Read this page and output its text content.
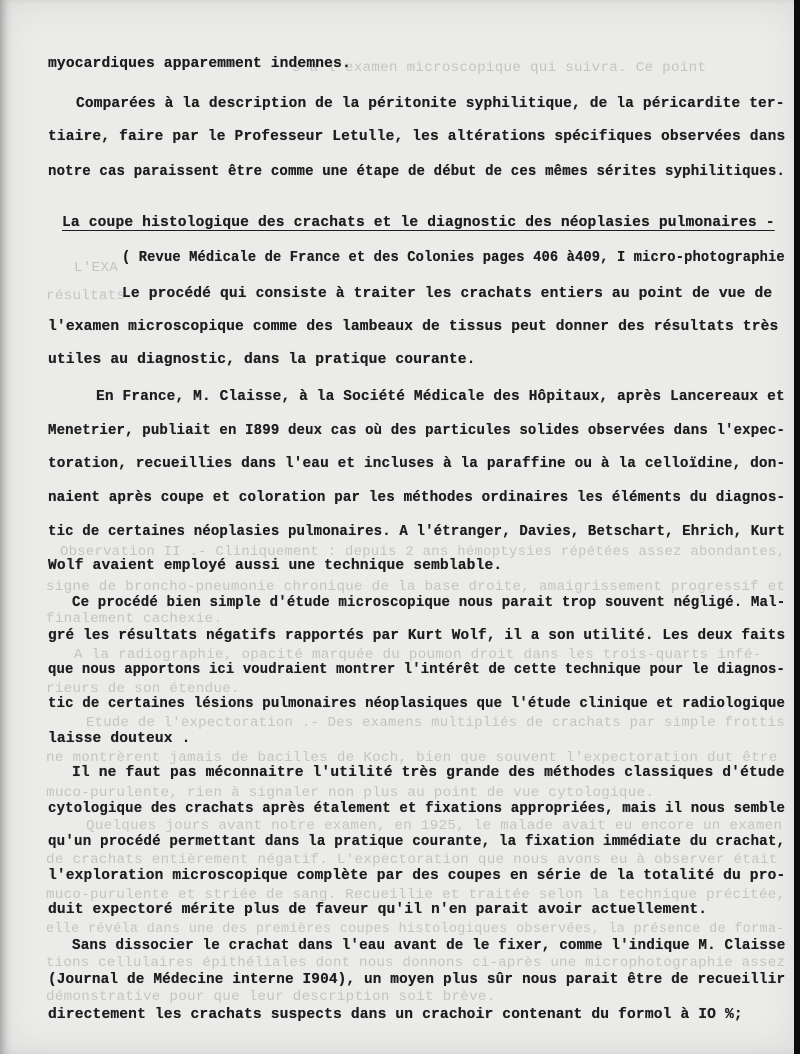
s à l'examen microscopique qui suivra. Ce point
L'EXA
résultats
Observation II .- Cliniquement : depuis 2 ans hémoptysies répétées assez abondantes,
signe de broncho-pneumonie chronique de la base droite, amaigrissement progressif et
finalement cachexie.
A la radiographie, opacité marquée du poumon droit dans les trois-quarts infé-
rieurs de son étendue.
Etude de l'expectoration .- Des examens multipliés de crachats par simple frottis
ne montrèrent jamais de bacilles de Koch, bien que souvent l'expectoration dut être
muco-purulente, rien à signaler non plus au point de vue cytologique.
Quelques jours avant notre examen, en 1925, le malade avait eu encore un examen
de crachats entièrement négatif. L'expectoration que nous avons eu à observer était
muco-purulente et striée de sang. Recueillie et traitée selon la technique précitée,
elle révéla dans une des premières coupes histologiques observées, la présence de forma-
tions cellulaires épithéliales dont nous donnons ci-après une microphotographie assez
démonstrative pour que leur description soit brève.
myocardiques apparemment indemnes.
Comparées à la description de la péritonite syphilitique, de la péricardite ter-
tiaire, faire par le Professeur Letulle, les altérations spécifiques observées dans
notre cas paraissent être comme une étape de début de ces mêmes sérites syphilitiques.
La coupe histologique des crachats et le diagnostic des néoplasies pulmonaires -
( Revue Médicale de France et des Colonies pages 406 à409, I micro-photographie
Le procédé qui consiste à traiter les crachats entiers au point de vue de
l'examen microscopique comme des lambeaux de tissus peut donner des résultats très
utiles au diagnostic, dans la pratique courante.
En France, M. Claisse, à la Société Médicale des Hôpitaux, après Lancereaux et
Menetrier, publiait en I899 deux cas où des particules solides observées dans l'expec-
toration, recueillies dans l'eau et incluses à la paraffine ou à la celloïdine, don-
naient après coupe et coloration par les méthodes ordinaires les éléments du diagnos-
tic de certaines néoplasies pulmonaires. A l'étranger, Davies, Betschart, Ehrich, Kurt
Wolf avaient employé aussi une technique semblable.
Ce procédé bien simple d'étude microscopique nous parait trop souvent négligé. Mal-
gré les résultats négatifs rapportés par Kurt Wolf, il a son utilité. Les deux faits
que nous apportons ici voudraient montrer l'intérêt de cette technique pour le diagnos-
tic de certaines lésions pulmonaires néoplasiques que l'étude clinique et radiologique
laisse douteux .
Il ne faut pas méconnaitre l'utilité très grande des méthodes classiques d'étude
cytologique des crachats après étalement et fixations appropriées, mais il nous semble
qu'un procédé permettant dans la pratique courante, la fixation immédiate du crachat,
l'exploration microscopique complète par des coupes en série de la totalité du pro-
duit expectoré mérite plus de faveur qu'il n'en parait avoir actuellement.
Sans dissocier le crachat dans l'eau avant de le fixer, comme l'indique M. Claisse
(Journal de Médecine interne I904), un moyen plus sûr nous parait être de recueillir
directement les crachats suspects dans un crachoir contenant du formol à IO %;
